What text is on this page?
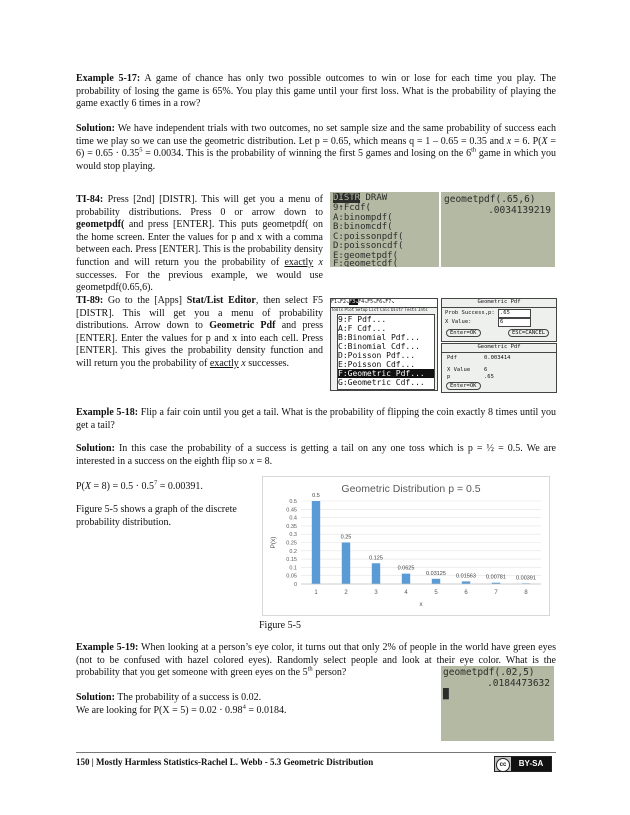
Example 5-17: A game of chance has only two possible outcomes to win or lose for each time you play. The probability of losing the game is 65%. You play this game until your first loss. What is the probability of playing the game exactly 6 times in a row?
Solution: We have independent trials with two outcomes, no set sample size and the same probability of success each time we play so we can use the geometric distribution. Let p = 0.65, which means q = 1 – 0.65 = 0.35 and x = 6. $P(X = 6) = 0.65 \cdot 0.35^5 = 0.0034$. This is the probability of winning the first 5 games and losing on the 6th game in which you would stop playing.
TI-84: Press [2nd] [DISTR]. This will get you a menu of probability distributions. Press 0 or arrow down to geometpdf( and press [ENTER]. This puts geometpdf( on the home screen. Enter the values for p and x with a comma between each. Press [ENTER]. This is the probability density function and will return you the probability of exactly x successes. For the previous example, we would use geometpdf(0.65,6).
DISTR DRAW
9↑Fcdf(
A:binompdf(
B:binomcdf(
C:poissonpdf(
D:poissoncdf(
E:geometpdf(
F:geometcdf(
geometpdf(.65,6)
.0034139219
TI-89: Go to the [Apps] Stat/List Editor, then select F5 [DISTR]. This will get you a menu of probability distributions. Arrow down to Geometric Pdf and press [ENTER]. Enter the values for p and x into each cell. Press [ENTER]. This gives the probability density function and will return you the probability of exactly x successes.
F1↘F2↘F3↘F4↘F5↘F6↘F7↘
Tools Plot Setup List Calc Distr Tests Ints
9:F Pdf...
A:F Cdf...
B:Binomial Pdf...
C:Binomial Cdf...
D:Poisson Pdf...
E:Poisson Cdf...
F:Geometric Pdf...
G:Geometric Cdf...
Geometric Pdf
Prob Success,p: .65
X Value:	6
Enter=OK	ESC=CANCEL
Geometric Pdf
Pdf	0.003414
X Value	6
p	.65
Enter=OK
Example 5-18: Flip a fair coin until you get a tail. What is the probability of flipping the coin exactly 8 times until you get a tail?
Solution: In this case the probability of a success is getting a tail on any one toss which is p = ½ = 0.5. We are interested in a success on the eighth flip so x = 8.
$P(X = 8) = 0.5 \cdot 0.5^7 = 0.00391$.
Figure 5-5 shows a graph of the discrete probability distribution.
Geometric Distribution p = 0.5
0
0.05
0.1
0.15
0.2
0.25
0.3
0.35
0.4
0.45
0.5
P(x)
0.5
1
0.25
2
0.125
3
0.0625
4
0.03125
5
0.01563
6
0.00781
7
0.00391
8
x
Figure 5-5
Example 5-19: When looking at a person’s eye color, it turns out that only 2% of people in the world have green eyes (not to be confused with hazel colored eyes). Randomly select people and look at their eye color. What is the probability that you get someone with green eyes on the 5th person?
Solution: The probability of a success is 0.02.
We are looking for $P(X = 5) = 0.02 \cdot 0.98^4 = 0.0184$.
geometpdf(.02,5)
.0184473632
█
150 | Mostly Harmless Statistics-Rachel L. Webb - 5.3 Geometric Distribution	cc	BY-SA
